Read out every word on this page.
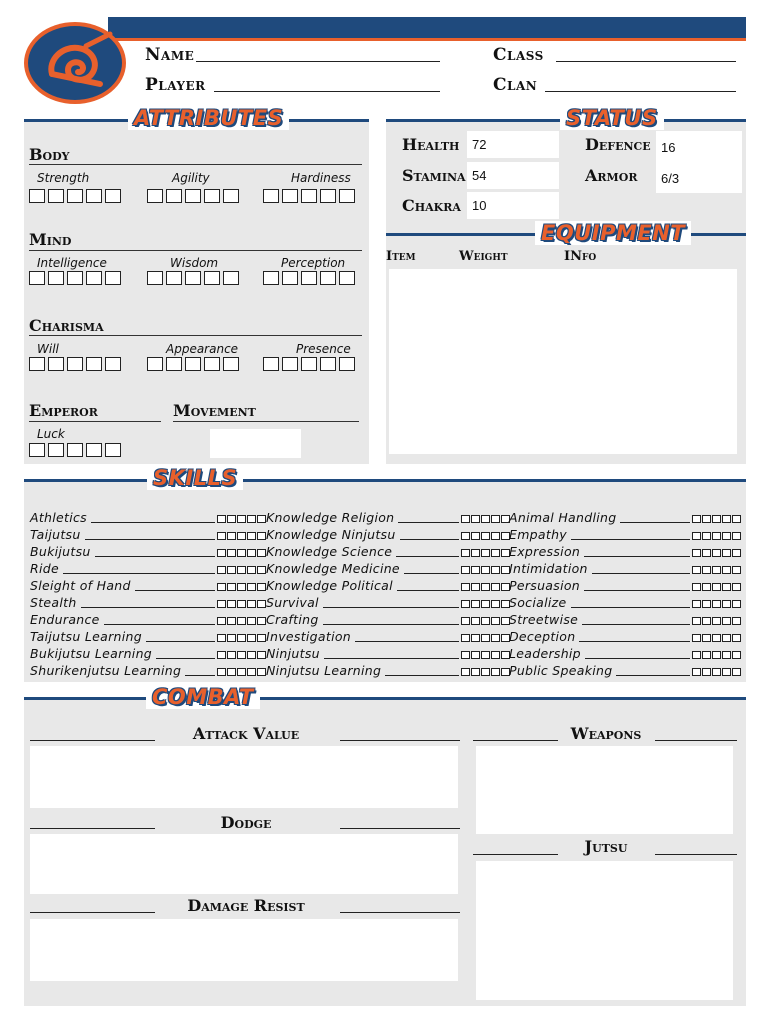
Name
Player
Class
Clan
ATTRIBUTES
Body
Strength	Agility	Hardiness
Mind
Intelligence	Wisdom	Perception
Charisma
Will	Appearance	Presence
Emperor	Movement
Luck
STATUS
Health 72
Stamina 54
Chakra 10
Defence 16
Armor	6/3
EQUIPMENT
Item	Weight	INfo
SKILLS
Athletics
Taijutsu
Bukijutsu
Ride
Sleight of Hand
Stealth
Endurance
Taijutsu Learning
Bukijutsu Learning
Shurikenjutsu Learning
Knowledge Religion
Knowledge Ninjutsu
Knowledge Science
Knowledge Medicine
Knowledge Political
Survival
Crafting
Investigation
Ninjutsu
Ninjutsu Learning
Animal Handling
Empathy
Expression
Intimidation
Persuasion
Socialize
Streetwise
Deception
Leadership
Public Speaking
COMBAT
Attack Value
Dodge
Damage Resist
Weapons
Jutsu
